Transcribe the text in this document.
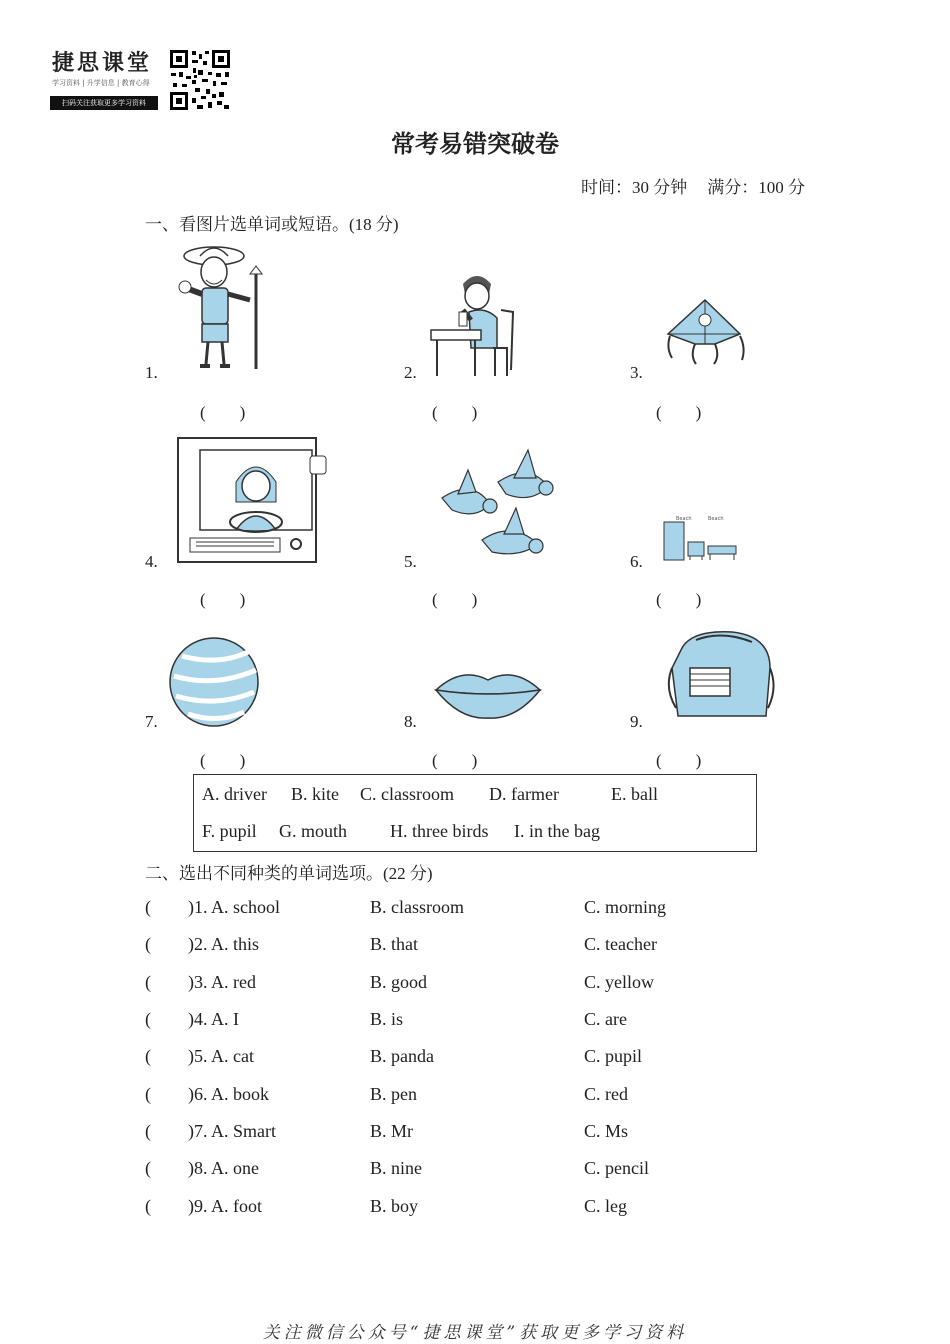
捷思课堂
学习资料 | 升学信息 | 教育心得
扫码关注获取更多学习资料
常考易错突破卷
时间：30 分钟 满分：100 分
一、看图片选单词或短语。(18 分)
1.	2.	3.
(　　)	(　　)	(　　)
Beach	Beach
4.	5.	6.
(　　)	(　　)	(　　)
7.	8.	9.
(　　)	(　　)	(　　)
A. driver B. kite C. classroom D. farmer	E. ball
F. pupil G. mouth H. three birds I. in the bag
二、选出不同种类的单词选项。(22 分)
( )1. A. school	B. classroom	C. morning
( )2. A. this	B. that	C. teacher
( )3. A. red	B. good	C. yellow
( )4. A. I	B. is	C. are
( )5. A. cat	B. panda	C. pupil
( )6. A. book	B. pen	C. red
( )7. A. Smart	B. Mr	C. Ms
( )8. A. one	B. nine	C. pencil
( )9. A. foot	B. boy	C. leg
关注微信公众号“捷思课堂”获取更多学习资料
